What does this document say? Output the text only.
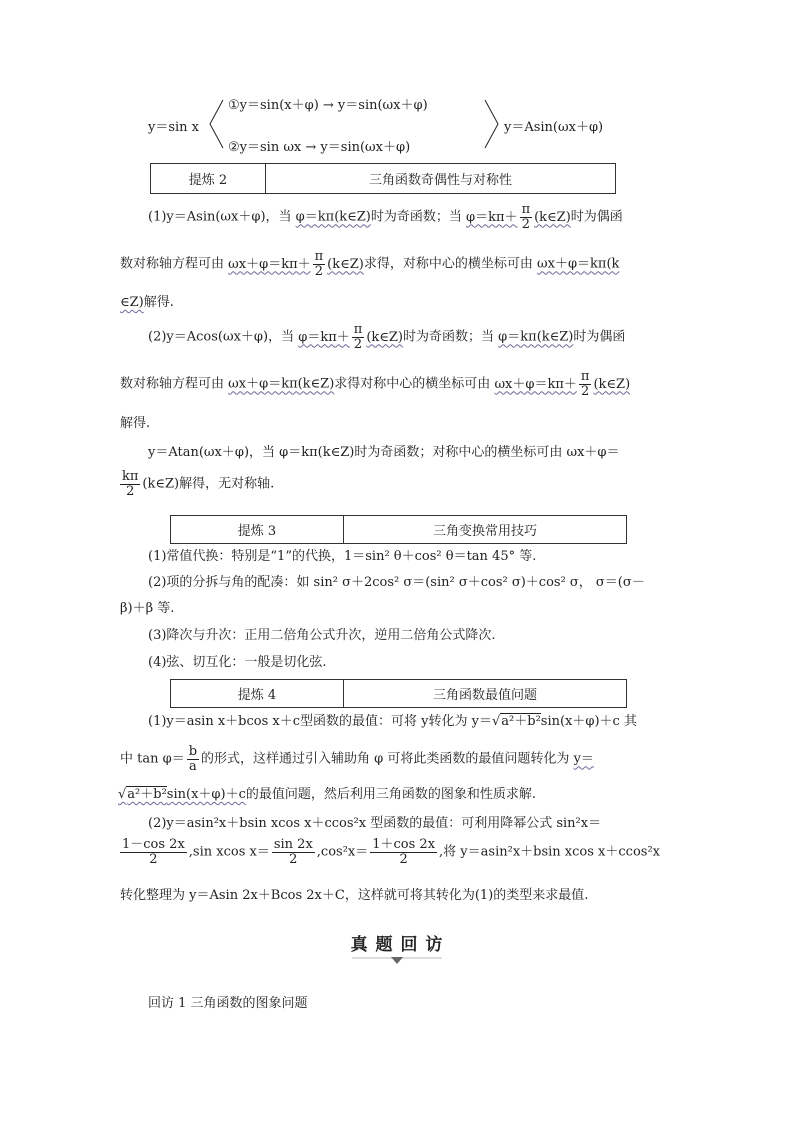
y＝sin x
①y＝sin(x＋φ) → y＝sin(ωx＋φ)
②y＝sin ωx → y＝sin(ωx＋φ)
y＝Asin(ωx＋φ)
提炼 2	三角函数奇偶性与对称性
(1)y＝Asin(ωx＋φ)，当 φ＝kπ(k∈Z)时为奇函数；当 $\varphi=k\pi+ \frac{\pi}{2}$ (k∈Z)时为偶函
数对称轴方程可由 $\omega x+\varphi=k\pi+ \frac{\pi}{2}$ (k∈Z)求得，对称中心的横坐标可由 ωx＋φ＝kπ(k
∈Z)解得.
(2)y＝Acos(ωx＋φ)，当 $\varphi=k\pi+ \frac{\pi}{2}$ (k∈Z)时为奇函数；当 φ＝kπ(k∈Z)时为偶函
数对称轴方程可由 ωx＋φ＝kπ(k∈Z)求得对称中心的横坐标可由 $\omega x+\varphi=k\pi+ \frac{\pi}{2}$ (k∈Z)
解得.
y＝Atan(ωx＋φ)，当 φ＝kπ(k∈Z)时为奇函数；对称中心的横坐标可由 ωx＋φ＝
$\frac{k\pi}{2}$ (k∈Z)解得，无对称轴.
提炼 3	三角变换常用技巧
(1)常值代换：特别是“1”的代换，1＝sin² θ＋cos² θ＝tan 45° 等.
(2)项的分拆与角的配凑：如 sin² σ＋2cos² σ＝(sin² σ＋cos² σ)＋cos² σ， σ＝(σ－
β)＋β 等.
(3)降次与升次：正用二倍角公式升次，逆用二倍角公式降次.
(4)弦、切互化：一般是切化弦.
提炼 4	三角函数最值问题
(1)y＝asin x＋bcos x＋c型函数的最值：可将 y转化为 y＝√a²＋b²sin(x＋φ)＋c 其
中 $\tan \varphi= \frac{b}{a}$ 的形式，这样通过引入辅助角 φ 可将此类函数的最值问题转化为 y＝
√a²＋b²sin(x＋φ)＋c的最值问题，然后利用三角函数的图象和性质求解.
(2)y＝asin²x＋bsin xcos x＋ccos²x 型函数的最值：可利用降幂公式 sin²x＝
$\frac{1-\cos 2x}{2} ,\sin$ xcos $x= \frac{\sin 2x}{2} ,\cos^2x= \frac{1+\cos 2x}{2}$ ,将 y＝asin²x＋bsin xcos x＋ccos²x
转化整理为 y＝Asin 2x＋Bcos 2x＋C，这样就可将其转化为(1)的类型来求最值.
真 题 回 访
回访 1 三角函数的图象问题
